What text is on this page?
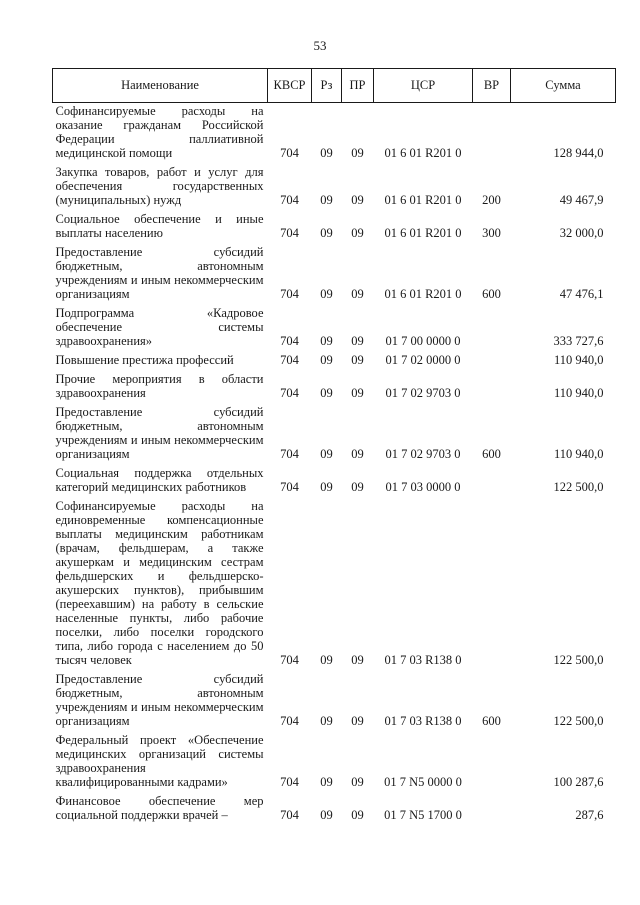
53
Наименование	КВСР	Рз	ПР	ЦСР	ВР	Сумма
Софинансируемые расходы на оказание гражданам Российской Федерации паллиативной медицинской помощи	704	09	09	01 6 01 R201 0		128 944,0
Закупка товаров, работ и услуг для обеспечения государственных (муниципальных) нужд	704	09	09	01 6 01 R201 0	200	49 467,9
Социальное обеспечение и иные выплаты населению	704	09	09	01 6 01 R201 0	300	32 000,0
Предоставление субсидий бюджетным, автономным учреждениям и иным некоммерческим организациям	704	09	09	01 6 01 R201 0	600	47 476,1
Подпрограмма «Кадровое обеспечение системы здравоохранения»	704	09	09	01 7 00 0000 0		333 727,6
Повышение престижа профессий	704	09	09	01 7 02 0000 0		110 940,0
Прочие мероприятия в области здравоохранения	704	09	09	01 7 02 9703 0		110 940,0
Предоставление субсидий бюджетным, автономным учреждениям и иным некоммерческим организациям	704	09	09	01 7 02 9703 0	600	110 940,0
Социальная поддержка отдельных категорий медицинских работников	704	09	09	01 7 03 0000 0		122 500,0
Софинансируемые расходы на единовременные компенсационные выплаты медицинским работникам (врачам, фельдшерам, а также акушеркам и медицинским сестрам фельдшерских и фельдшерско-акушерских пунктов), прибывшим (переехавшим) на работу в сельские населенные пункты, либо рабочие поселки, либо поселки городского типа, либо города с населением до 50 тысяч человек	704	09	09	01 7 03 R138 0		122 500,0
Предоставление субсидий бюджетным, автономным учреждениям и иным некоммерческим организациям	704	09	09	01 7 03 R138 0	600	122 500,0
Федеральный проект «Обеспечение медицинских организаций системы здравоохранения квалифицированными кадрами»	704	09	09	01 7 N5 0000 0		100 287,6
Финансовое обеспечение мер социальной поддержки врачей –	704	09	09	01 7 N5 1700 0		287,6
